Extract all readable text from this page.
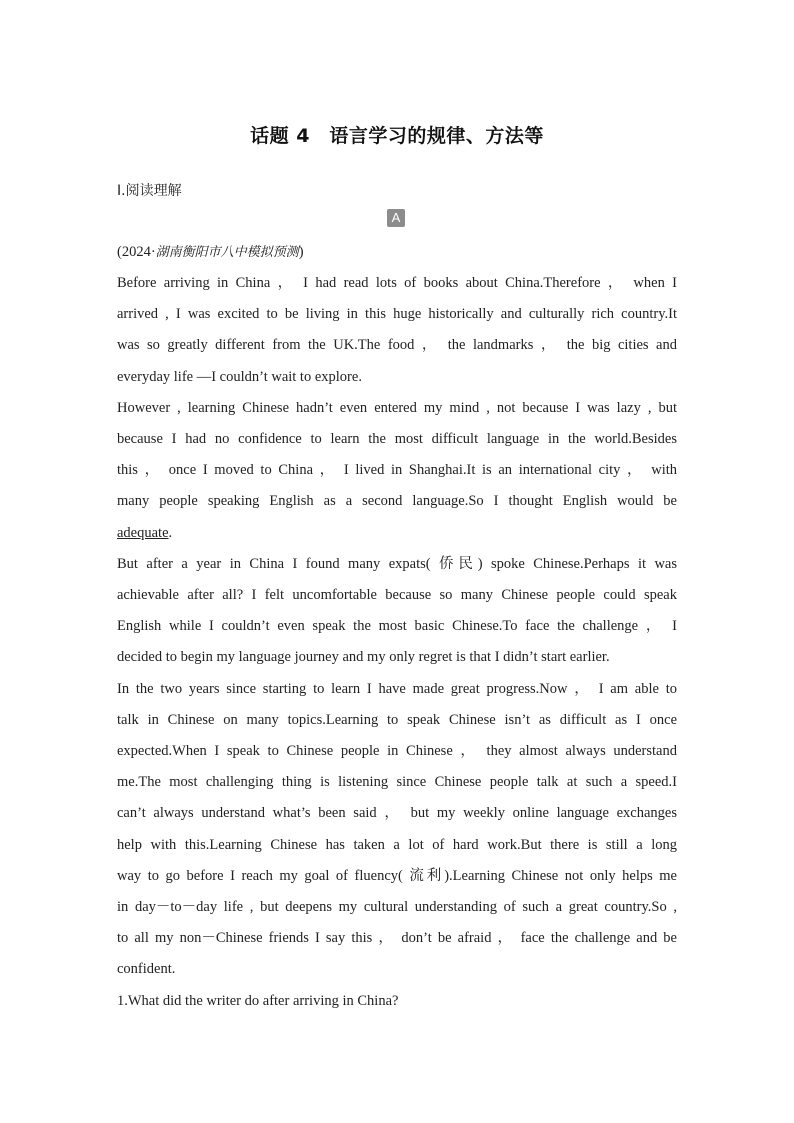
话题 4　语言学习的规律、方法等
Ⅰ.阅读理解
A
(2024·湖南衡阳市八中模拟预测)
Before arriving in China ， I had read lots of books about China.Therefore ， when I
arrived , I was excited to be living in this huge historically and culturally rich country.It
was so greatly different from the UK.The food ， the landmarks ， the big cities and
everyday life —I couldn’t wait to explore.
However , learning Chinese hadn’t even entered my mind , not because I was lazy , but
because I had no confidence to learn the most difficult language in the world.Besides
this ， once I moved to China ， I lived in Shanghai.It is an international city ， with
many people speaking English as a second language.So I thought English would be
adequate.
But after a year in China I found many expats( 侨民) spoke Chinese.Perhaps it was
achievable after all? I felt uncomfortable because so many Chinese people could speak
English while I couldn’t even speak the most basic Chinese.To face the challenge ， I
decided to begin my language journey and my only regret is that I didn’t start earlier.
In the two years since starting to learn I have made great progress.Now ， I am able to
talk in Chinese on many topics.Learning to speak Chinese isn’t as difficult as I once
expected.When I speak to Chinese people in Chinese ， they almost always understand
me.The most challenging thing is listening since Chinese people talk at such a speed.I
can’t always understand what’s been said ， but my weekly online language exchanges
help with this.Learning Chinese has taken a lot of hard work.But there is still a long
way to go before I reach my goal of fluency( 流利).Learning Chinese not only helps me
in day－to－day life , but deepens my cultural understanding of such a great country.So ,
to all my non－Chinese friends I say this ， don’t be afraid ， face the challenge and be
confident.
1.What did the writer do after arriving in China?
